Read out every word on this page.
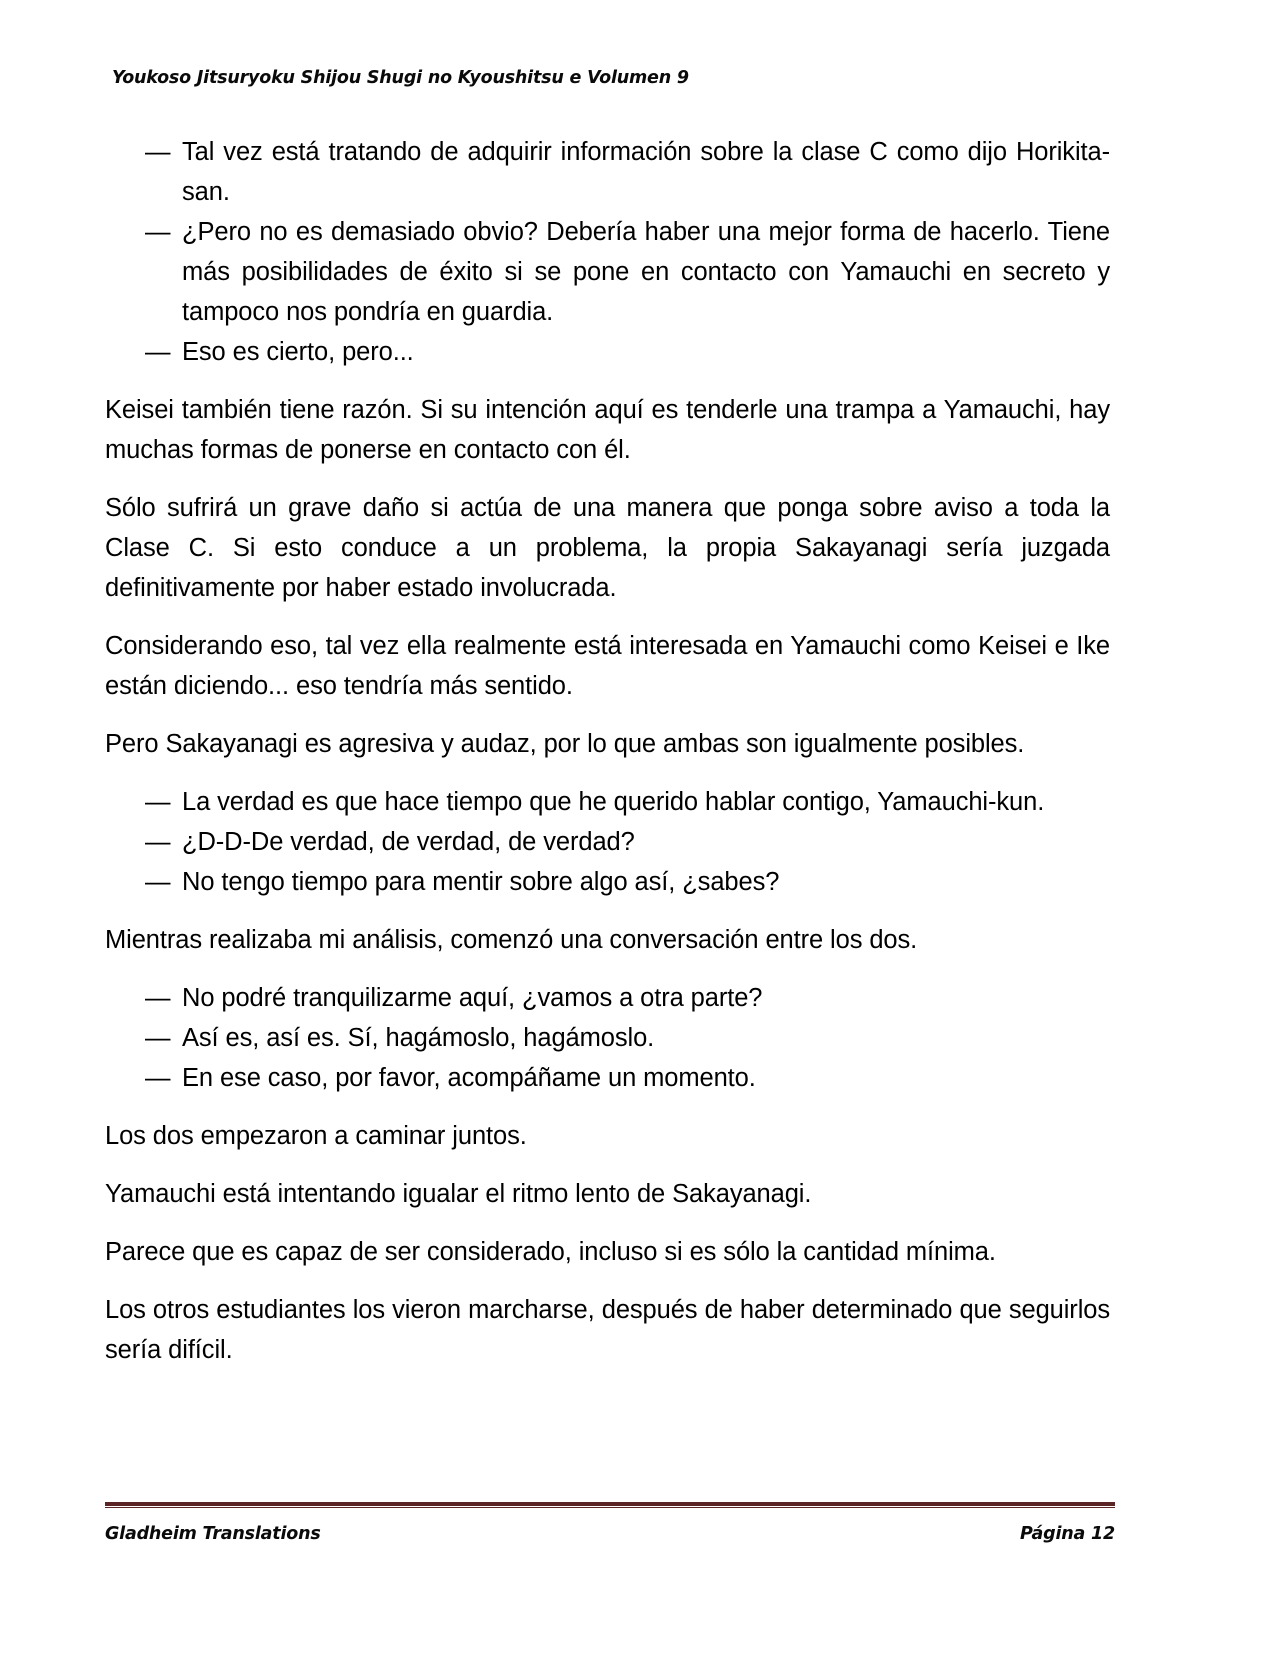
Youkoso Jitsuryoku Shijou Shugi no Kyoushitsu e Volumen 9

— Tal vez está tratando de adquirir información sobre la clase C como dijo Horikita-san.

— ¿Pero no es demasiado obvio? Debería haber una mejor forma de hacerlo. Tiene más posibilidades de éxito si se pone en contacto con Yamauchi en secreto y tampoco nos pondría en guardia.

— Eso es cierto, pero...

Keisei también tiene razón. Si su intención aquí es tenderle una trampa a Yamauchi, hay muchas formas de ponerse en contacto con él.

Sólo sufrirá un grave daño si actúa de una manera que ponga sobre aviso a toda la Clase C. Si esto conduce a un problema, la propia Sakayanagi sería juzgada definitivamente por haber estado involucrada.

Considerando eso, tal vez ella realmente está interesada en Yamauchi como Keisei e Ike están diciendo... eso tendría más sentido.

Pero Sakayanagi es agresiva y audaz, por lo que ambas son igualmente posibles.

— La verdad es que hace tiempo que he querido hablar contigo, Yamauchi-kun.

— ¿D-D-De verdad, de verdad, de verdad?

— No tengo tiempo para mentir sobre algo así, ¿sabes?

Mientras realizaba mi análisis, comenzó una conversación entre los dos.

— No podré tranquilizarme aquí, ¿vamos a otra parte?

— Así es, así es. Sí, hagámoslo, hagámoslo.

— En ese caso, por favor, acompáñame un momento.

Los dos empezaron a caminar juntos.

Yamauchi está intentando igualar el ritmo lento de Sakayanagi.

Parece que es capaz de ser considerado, incluso si es sólo la cantidad mínima.

Los otros estudiantes los vieron marcharse, después de haber determinado que seguirlos sería difícil.

Gladheim Translations	Página 12
